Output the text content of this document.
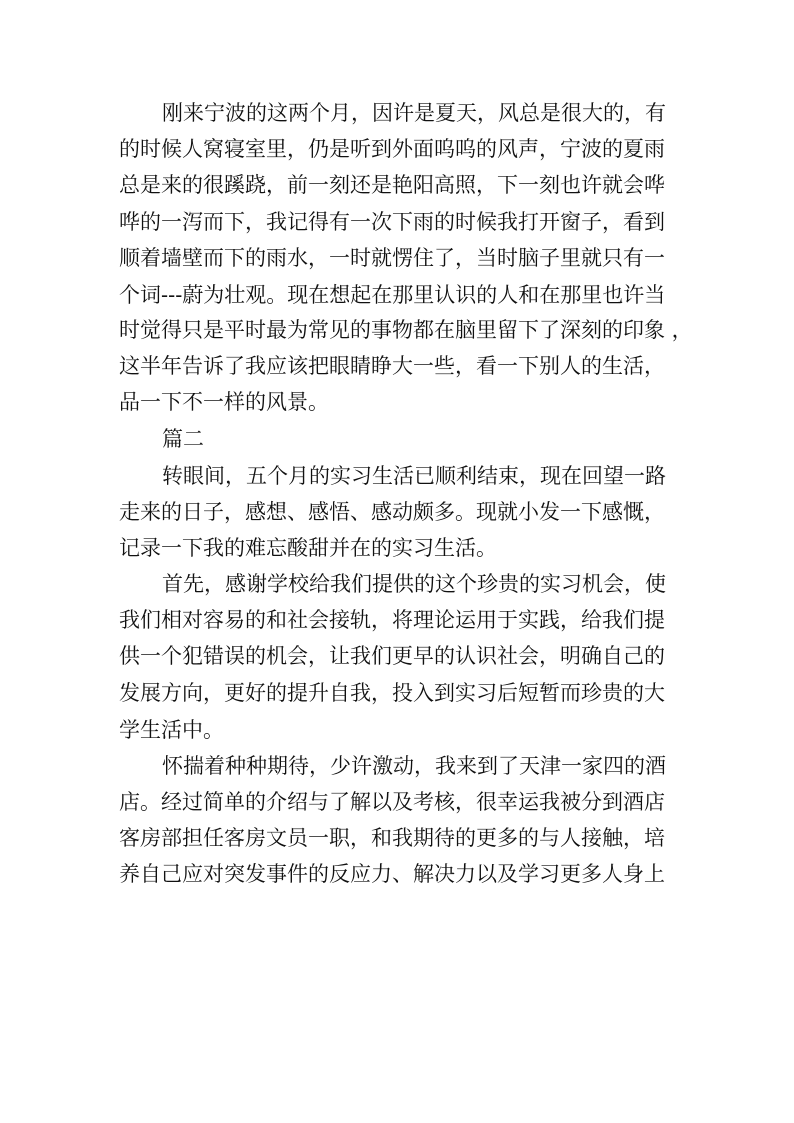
刚来宁波的这两个月，因许是夏天，风总是很大的，有
的时候人窝寝室里，仍是听到外面呜呜的风声，宁波的夏雨
总是来的很蹊跷，前一刻还是艳阳高照，下一刻也许就会哗
哗的一泻而下，我记得有一次下雨的时候我打开窗子，看到
顺着墙壁而下的雨水，一时就愣住了，当时脑子里就只有一
个词---蔚为壮观。现在想起在那里认识的人和在那里也许当
时觉得只是平时最为常见的事物都在脑里留下了深刻的印象 ，
这半年告诉了我应该把眼睛睁大一些，看一下别人的生活，
品一下不一样的风景。
篇二
转眼间，五个月的实习生活已顺利结束，现在回望一路
走来的日子，感想、感悟、感动颇多。现就小发一下感慨，
记录一下我的难忘酸甜并在的实习生活。
首先，感谢学校给我们提供的这个珍贵的实习机会，使
我们相对容易的和社会接轨，将理论运用于实践，给我们提
供一个犯错误的机会，让我们更早的认识社会，明确自己的
发展方向，更好的提升自我，投入到实习后短暂而珍贵的大
学生活中。
怀揣着种种期待，少许激动，我来到了天津一家四的酒
店。经过简单的介绍与了解以及考核，很幸运我被分到酒店
客房部担任客房文员一职，和我期待的更多的与人接触，培
养自己应对突发事件的反应力、解决力以及学习更多人身上
